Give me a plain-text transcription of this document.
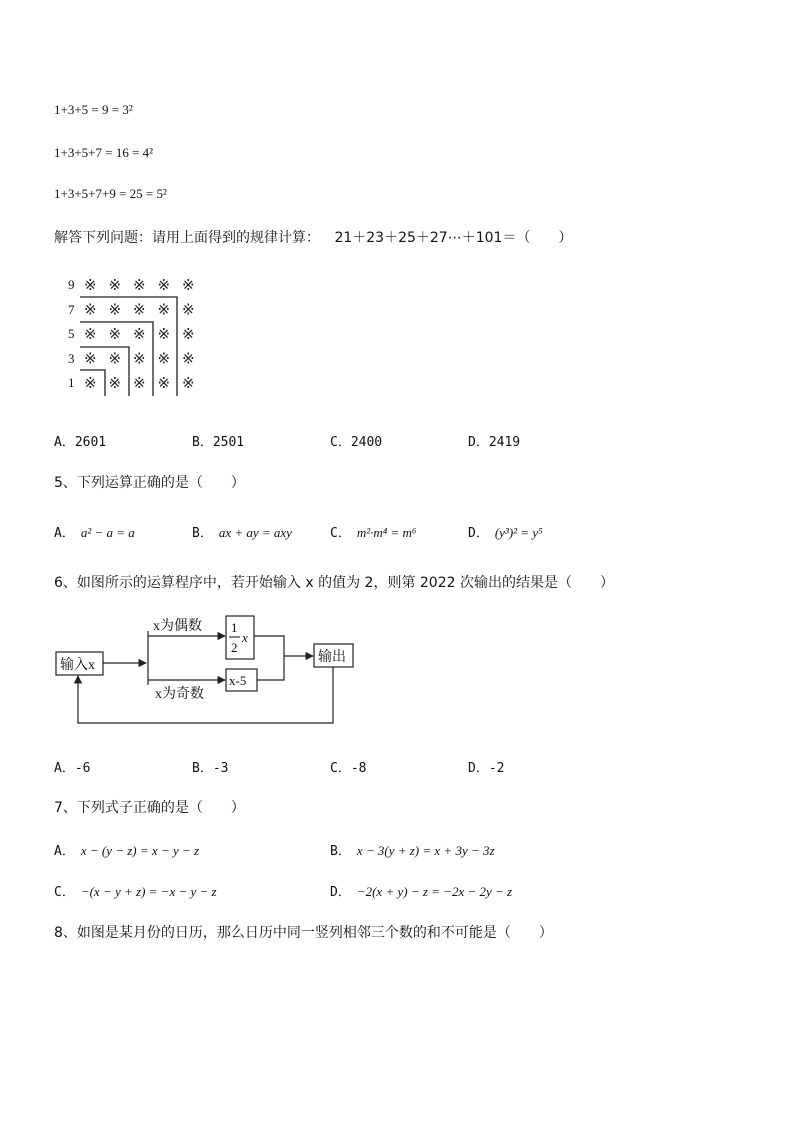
1+3+5 = 9 = 3²
1+3+5+7 = 16 = 4²
1+3+5+7+9 = 25 = 5²
解答下列问题：请用上面得到的规律计算： 21＋23＋25＋27⋯＋101＝（　　）
9
7
5
3
1
※ ※ ※ ※ ※
※ ※ ※ ※ ※
※ ※ ※ ※ ※
※ ※ ※ ※ ※
※ ※ ※ ※ ※
A．2601	B．2501	C．2400	D．2419
5、下列运算正确的是（　　）
A． a² − a = a	B． ax + ay = axy	C． m²·m⁴ = m⁶	D． (y³)² = y⁵
6、如图所示的运算程序中，若开始输入 x 的值为 2，则第 2022 次输出的结果是（　　）
输入x
x为偶数
x为奇数
1
2
x
x-5
输出
A．-6	B．-3	C．-8	D．-2
7、下列式子正确的是（　　）
A． x − (y − z) = x − y − z	B． x − 3(y + z) = x + 3y − 3z
C． −(x − y + z) = −x − y − z	D． −2(x + y) − z = −2x − 2y − z
8、如图是某月份的日历，那么日历中同一竖列相邻三个数的和不可能是（　　）
